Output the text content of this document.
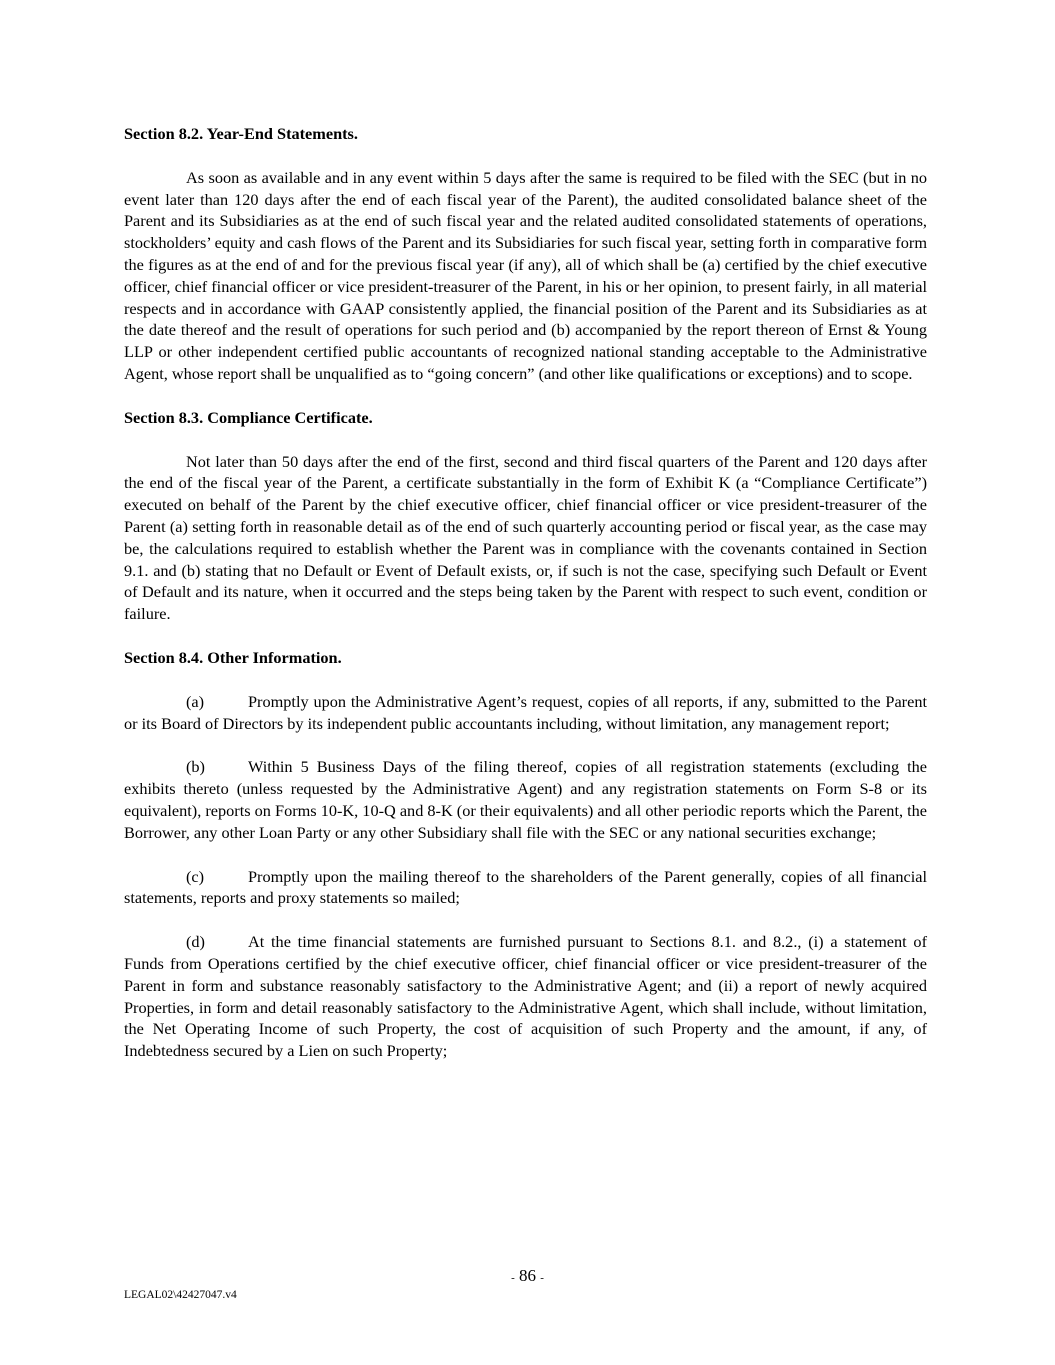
Section 8.2. Year-End Statements.

As soon as available and in any event within 5 days after the same is required to be filed with the SEC (but in no event later than 120 days after the end of each fiscal year of the Parent), the audited consolidated balance sheet of the Parent and its Subsidiaries as at the end of such fiscal year and the related audited consolidated statements of operations, stockholders’ equity and cash flows of the Parent and its Subsidiaries for such fiscal year, setting forth in comparative form the figures as at the end of and for the previous fiscal year (if any), all of which shall be (a) certified by the chief executive officer, chief financial officer or vice president-treasurer of the Parent, in his or her opinion, to present fairly, in all material respects and in accordance with GAAP consistently applied, the financial position of the Parent and its Subsidiaries as at the date thereof and the result of operations for such period and (b) accompanied by the report thereon of Ernst & Young LLP or other independent certified public accountants of recognized national standing acceptable to the Administrative Agent, whose report shall be unqualified as to “going concern” (and other like qualifications or exceptions) and to scope.

Section 8.3. Compliance Certificate.

Not later than 50 days after the end of the first, second and third fiscal quarters of the Parent and 120 days after the end of the fiscal year of the Parent, a certificate substantially in the form of Exhibit K (a “Compliance Certificate”) executed on behalf of the Parent by the chief executive officer, chief financial officer or vice president-treasurer of the Parent (a) setting forth in reasonable detail as of the end of such quarterly accounting period or fiscal year, as the case may be, the calculations required to establish whether the Parent was in compliance with the covenants contained in Section 9.1. and (b) stating that no Default or Event of Default exists, or, if such is not the case, specifying such Default or Event of Default and its nature, when it occurred and the steps being taken by the Parent with respect to such event, condition or failure.

Section 8.4. Other Information.

(a)	Promptly upon the Administrative Agent’s request, copies of all reports, if any, submitted to the Parent or its Board of Directors by its independent public accountants including, without limitation, any management report;

(b)	Within 5 Business Days of the filing thereof, copies of all registration statements (excluding the exhibits thereto (unless requested by the Administrative Agent) and any registration statements on Form S-8 or its equivalent), reports on Forms 10-K, 10-Q and 8-K (or their equivalents) and all other periodic reports which the Parent, the Borrower, any other Loan Party or any other Subsidiary shall file with the SEC or any national securities exchange;

(c)	Promptly upon the mailing thereof to the shareholders of the Parent generally, copies of all financial statements, reports and proxy statements so mailed;

(d)	At the time financial statements are furnished pursuant to Sections 8.1. and 8.2., (i) a statement of Funds from Operations certified by the chief executive officer, chief financial officer or vice president-treasurer of the Parent in form and substance reasonably satisfactory to the Administrative Agent; and (ii) a report of newly acquired Properties, in form and detail reasonably satisfactory to the Administrative Agent, which shall include, without limitation, the Net Operating Income of such Property, the cost of acquisition of such Property and the amount, if any, of Indebtedness secured by a Lien on such Property;

- 86 -
LEGAL02\42427047.v4
